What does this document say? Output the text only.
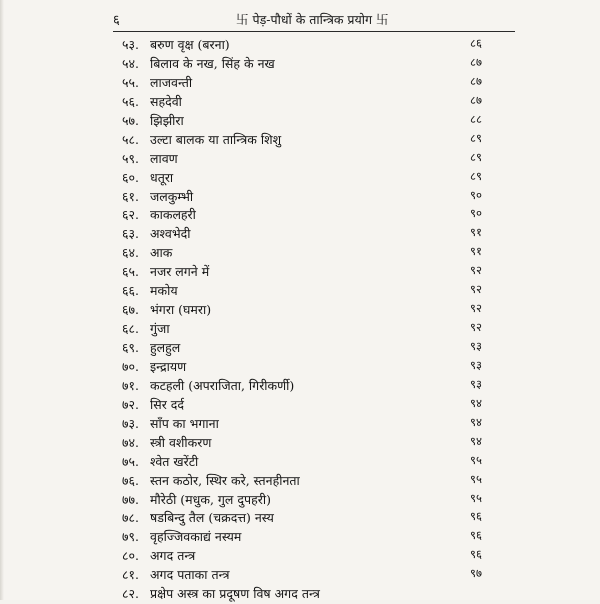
६	卐 पेड़-पौधों के तान्त्रिक प्रयोग 卐
५३. बरुण वृक्ष (बरना)	८६
५४. बिलाव के नख, सिंह के नख	८७
५५. लाजवन्ती	८७
५६. सहदेवी	८७
५७. झिझीरा	८८
५८. उल्टा बालक या तान्त्रिक शिशु	८९
५९. लावण	८९
६०. धतूरा	८९
६१. जलकुम्भी	९०
६२. काकलहरी	९०
६३. अश्वभेदी	९१
६४. आक	९१
६५. नजर लगने में	९२
६६. मकोय	९२
६७. भंगरा (घमरा)	९२
६८. गुंजा	९२
६९. हुलहुल	९३
७०. इन्द्रायण	९३
७१. कटहली (अपराजिता, गिरीकर्णी)	९३
७२. सिर दर्द	९४
७३. साँप का भगाना	९४
७४. स्त्री वशीकरण	९४
७५. श्वेत खरेंटी	९५
७६. स्तन कठोर, स्थिर करे, स्तनहीनता	९५
७७. मौरेठी (मधुक, गुल दुपहरी)	९५
७८. षडबिन्दु तैल (चक्रदत्त) नस्य	९६
७९. वृहज्जिवकाद्यं नस्यम	९६
८०. अगद तन्त्र	९६
८१. अगद पताका तन्त्र	९७
८२. प्रक्षेप अस्त्र का प्रदूषण विष अगद तन्त्र
